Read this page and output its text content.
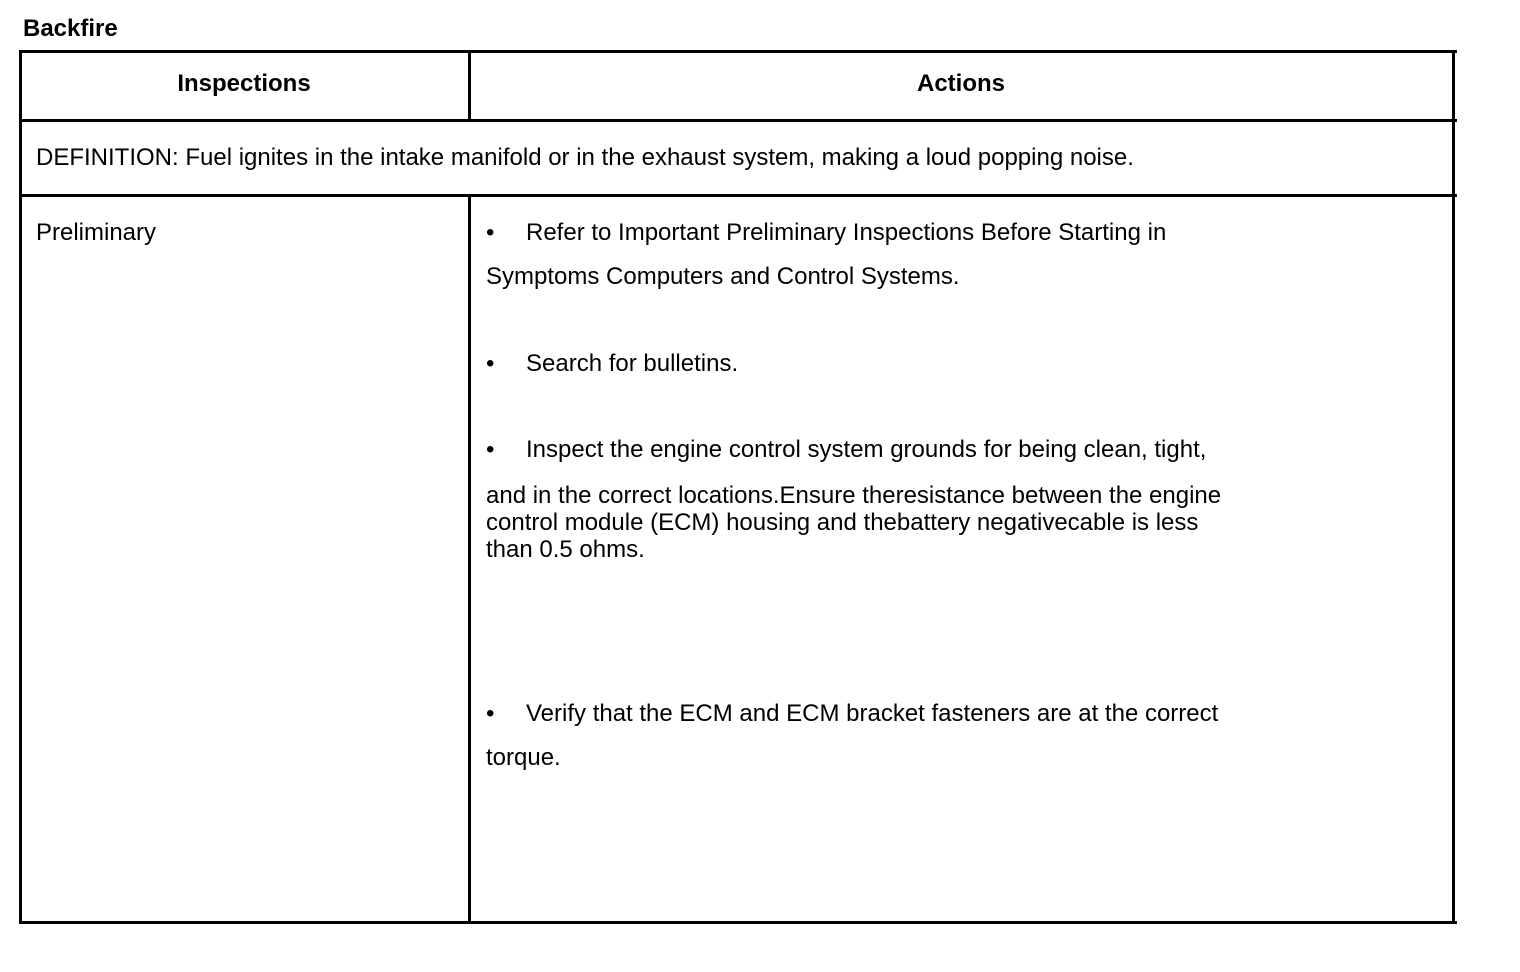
Backfire
Inspections	Actions
DEFINITION: Fuel ignites in the intake manifold or in the exhaust system, making a loud popping noise.
Preliminary	• Refer to Important Preliminary Inspections Before Starting in
Symptoms Computers and Control Systems.
• Search for bulletins.
• Inspect the engine control system grounds for being clean, tight,
and in the correct locations.Ensure theresistance between the engine
control module (ECM) housing and thebattery negativecable is less
than 0.5 ohms.
• Verify that the ECM and ECM bracket fasteners are at the correct
torque.
